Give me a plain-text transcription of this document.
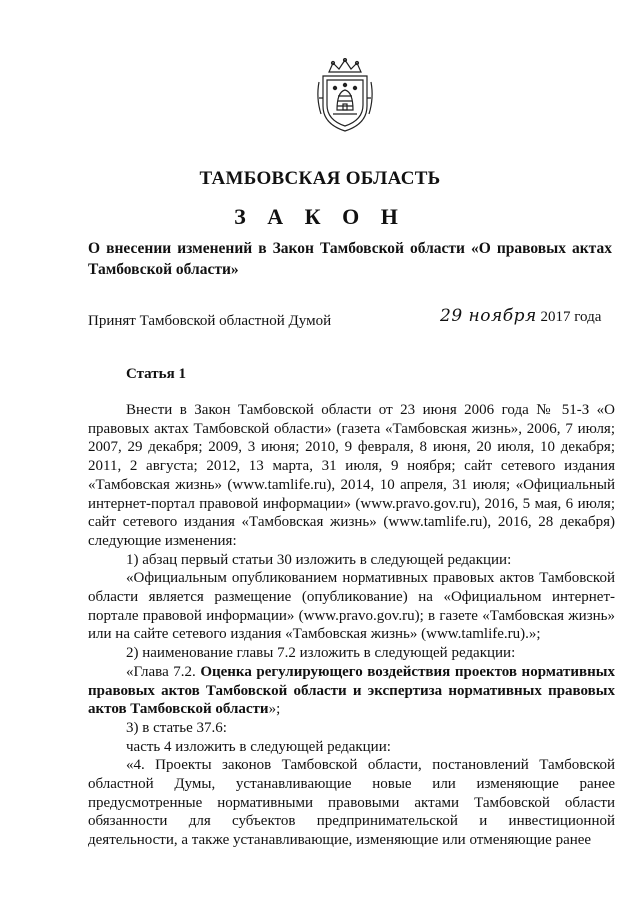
ТАМБОВСКАЯ ОБЛАСТЬ
З А К О Н
О внесении изменений в Закон Тамбовской области «О правовых актах Тамбовской области»
Принят Тамбовской областной Думой	29 ноября 2017 года
Статья 1

Внести в Закон Тамбовской области от 23 июня 2006 года № 51-З «О правовых актах Тамбовской области» (газета «Тамбовская жизнь», 2006, 7 июля; 2007, 29 декабря; 2009, 3 июня; 2010, 9 февраля, 8 июня, 20 июля, 10 декабря; 2011, 2 августа; 2012, 13 марта, 31 июля, 9 ноября; сайт сетевого издания «Тамбовская жизнь» (www.tamlife.ru), 2014, 10 апреля, 31 июля; «Официальный интернет-портал правовой информации» (www.pravo.gov.ru), 2016, 5 мая, 6 июля; сайт сетевого издания «Тамбовская жизнь» (www.tamlife.ru), 2016, 28 декабря) следующие изменения:

1) абзац первый статьи 30 изложить в следующей редакции:

«Официальным опубликованием нормативных правовых актов Тамбовской области является размещение (опубликование) на «Официальном интернет-портале правовой информации» (www.pravo.gov.ru); в газете «Тамбовская жизнь» или на сайте сетевого издания «Тамбовская жизнь» (www.tamlife.ru).»;

2) наименование главы 7.2 изложить в следующей редакции:

«Глава 7.2. Оценка регулирующего воздействия проектов нормативных правовых актов Тамбовской области и экспертиза нормативных правовых актов Тамбовской области»;

3) в статье 37.6:

часть 4 изложить в следующей редакции:

«4. Проекты законов Тамбовской области, постановлений Тамбовской областной Думы, устанавливающие новые или изменяющие ранее предусмотренные нормативными правовыми актами Тамбовской области обязанности для субъектов предпринимательской и инвестиционной деятельности, а также устанавливающие, изменяющие или отменяющие ранее
